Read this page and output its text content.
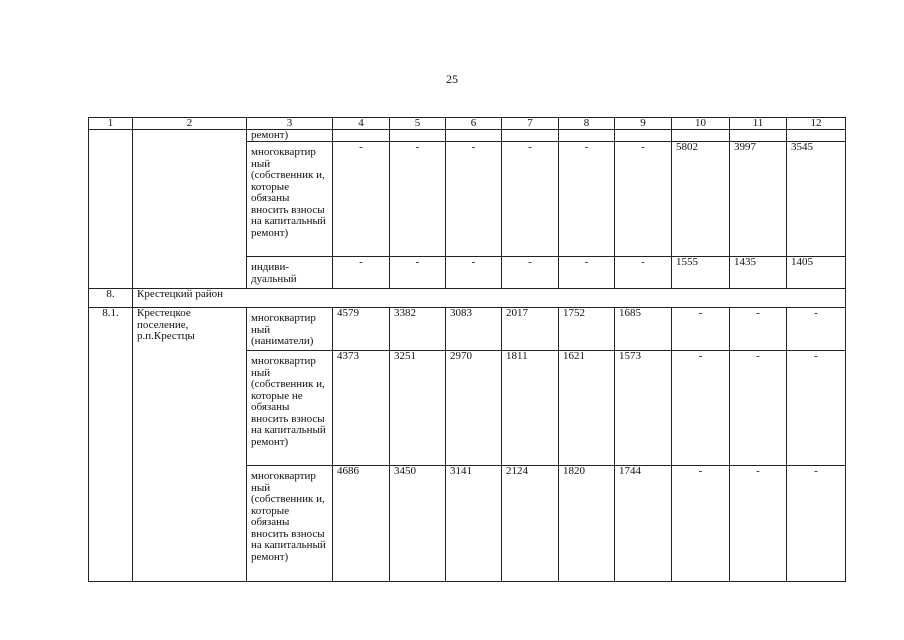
25
1	2	3	4	5	6	7	8	9	10	11	12
		ремонт)									
		многоквартир ный (собственник и, которые обязаны вносить взносы на капитальный ремонт)	-	-	-	-	-	-	5802	3997	3545
		индиви- дуальный	-	-	-	-	-	-	1555	1435	1405
8.	Крестецкий район										
8.1.	Крестецкое поселение, р.п.Крестцы	многоквартир ный (наниматели)	4579	3382	3083	2017	1752	1685	-	-	-
		многоквартир ный (собственник и, которые не обязаны вносить взносы на капитальный ремонт)	4373	3251	2970	1811	1621	1573	-	-	-
		многоквартир ный (собственник и, которые обязаны вносить взносы на капитальный ремонт)	4686	3450	3141	2124	1820	1744	-	-	-
